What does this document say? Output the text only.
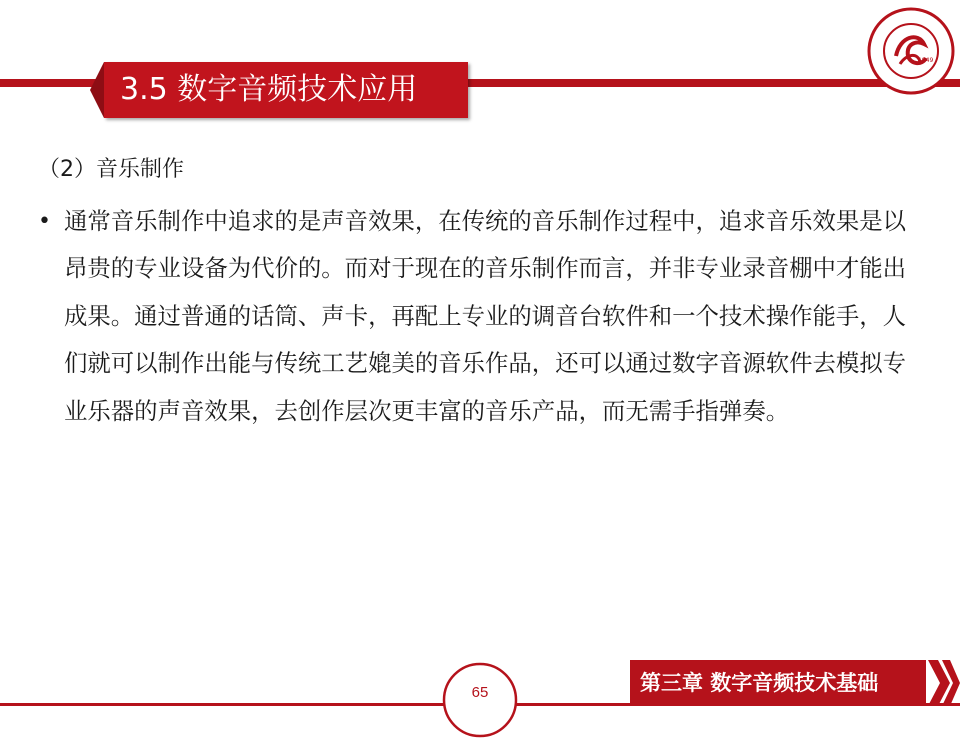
3.5 数字音频技术应用
1949

（2）音乐制作

• 通常音乐制作中追求的是声音效果，在传统的音乐制作过程中，追求音乐效果是以昂贵的专业设备为代价的。而对于现在的音乐制作而言，并非专业录音棚中才能出成果。通过普通的话筒、声卡，再配上专业的调音台软件和一个技术操作能手，人们就可以制作出能与传统工艺媲美的音乐作品，还可以通过数字音源软件去模拟专业乐器的声音效果，去创作层次更丰富的音乐产品，而无需手指弹奏。
65	第三章 数字音频技术基础
